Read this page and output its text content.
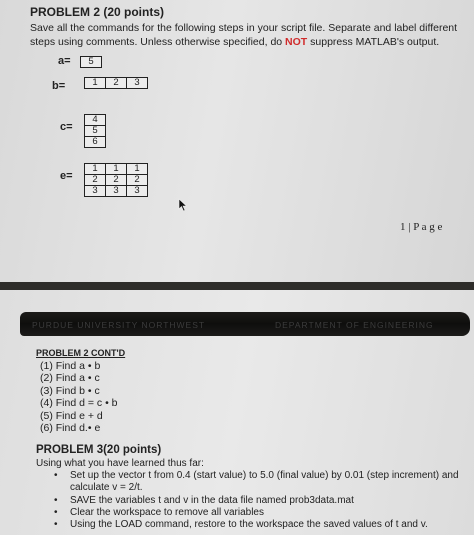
PROBLEM 2 (20 points)
Save all the commands for the following steps in your script file. Separate and label different steps using comments. Unless otherwise specified, do NOT suppress MATLAB's output.
a= 5
b=	1	2	3
c=
4
5
6
e=
1	1	1
2	2	2
3	3	3
1 | P a g e
PURDUE UNIVERSITY NORTHWEST	DEPARTMENT OF ENGINEERING
PROBLEM 2 CONT'D
(1) Find a • b
(2) Find a • c
(3) Find b • c
(4) Find d = c • b
(5) Find e + d
(6) Find d.• e
PROBLEM 3(20 points)
Using what you have learned thus far:
• Set up the vector t from 0.4 (start value) to 5.0 (final value) by 0.01 (step increment) and calculate v = 2/t.
• SAVE the variables t and v in the data file named prob3data.mat
• Clear the workspace to remove all variables
• Using the LOAD command, restore to the workspace the saved values of t and v.
